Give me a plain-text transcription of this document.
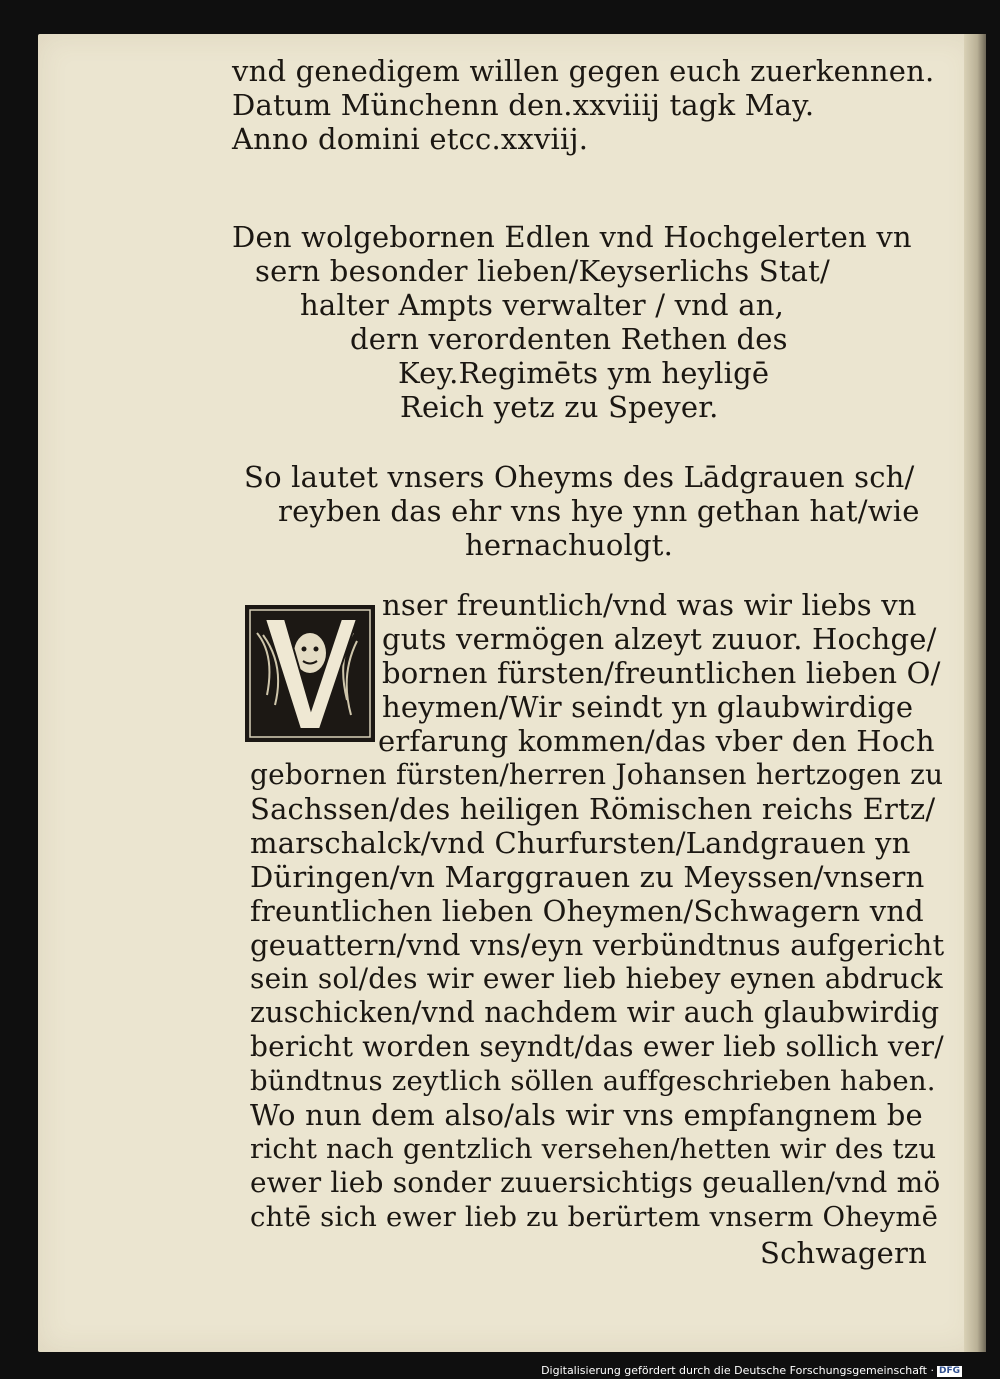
vnd genedigem willen gegen euch zuerkennen.
Datum Münchenn den.xxviiij tagk May.
Anno domini etcc.xxviij.
Den wolgebornen Edlen vnd Hochgelerten vn
sern besonder lieben/Keyserlichs Stat/
halter Ampts verwalter / vnd an,
dern verordenten Rethen des
Key.Regimēts ym heyligē
Reich yetz zu Speyer.
So lautet vnsers Oheyms des Lādgrauen sch/
reyben das ehr vns hye ynn gethan hat/wie
hernachuolgt.
nser freuntlich/vnd was wir liebs vn
guts vermögen alzeyt zuuor. Hochge/
bornen fürsten/freuntlichen lieben O/
heymen/Wir seindt yn glaubwirdige
erfarung kommen/das vber den Hoch
gebornen fürsten/herren Johansen hertzogen zu
Sachssen/des heiligen Römischen reichs Ertz/
marschalck/vnd Churfursten/Landgrauen yn
Düringen/vn Marggrauen zu Meyssen/vnsern
freuntlichen lieben Oheymen/Schwagern vnd
geuattern/vnd vns/eyn verbündtnus aufgericht
sein sol/des wir ewer lieb hiebey eynen abdruck
zuschicken/vnd nachdem wir auch glaubwirdig
bericht worden seyndt/das ewer lieb sollich ver/
bündtnus zeytlich söllen auffgeschrieben haben.
Wo nun dem also/als wir vns empfangnem be
richt nach gentzlich versehen/hetten wir des tzu
ewer lieb sonder zuuersichtigs geuallen/vnd mö
chtē sich ewer lieb zu berürtem vnserm Oheymē
Schwagern
Digitalisierung gefördert durch die Deutsche Forschungsgemeinschaft · DFG
